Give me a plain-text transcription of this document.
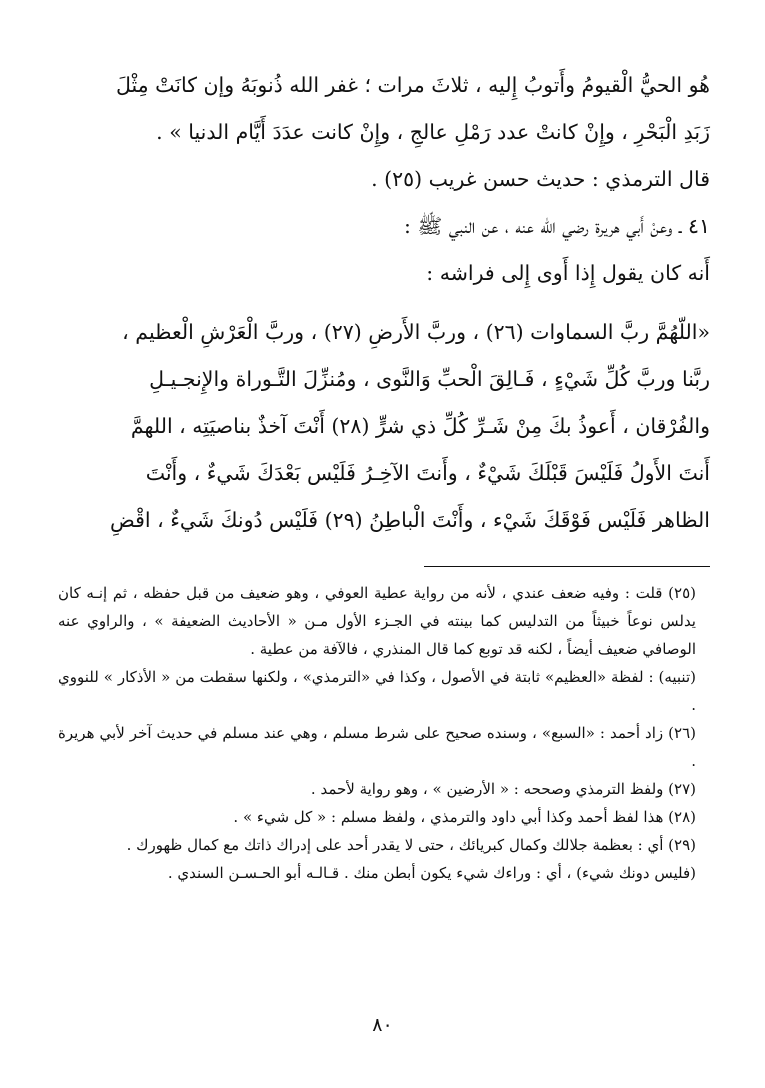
هُو الحيُّ الْقيومُ وأَتوبُ إِليه ، ثلاثَ مرات ؛ غفر الله ذُنوبَهُ وإن كانَتْ مِثْلَ

زَبَدِ الْبَحْرِ ، وإِنْ كانتْ عدد رَمْلِ عالجِ ، وإِنْ كانت عدَدَ أَيَّام الدنيا » .

قال الترمذي : حديث حسن غريب (٢٥) .

٤١ ـ وعنْ أَبي هريرة رضي الله عنه ، عن النبي ﷺ :

أَنه كان يقول إِذا أَوى إِلى فراشه :

«اللّهُمَّ ربَّ السماوات (٢٦) ، وربَّ الأَرضِ (٢٧) ، وربَّ الْعَرْشِ الْعظيم ،

ربَّنا وربَّ كُلِّ شَيْءٍ ، فَـالِقَ الْحبِّ وَالنَّوى ، ومُنزِّلَ التَّـوراة والإِنجـيـلِ

والفُرْقان ، أَعوذُ بكَ مِنْ شَـرِّ كُلِّ ذي شرٍّ (٢٨) أَنْتَ آخذٌ بناصيَتِه ، اللهمَّ

أَنتَ الأَولُ فَلَيْسَ قَبْلَكَ شَيْءٌ ، وأَنتَ الآخِـرُ فَلَيْس بَعْدَكَ شَيءٌ ، وأَنْتَ

الظاهر فَلَيْس فَوْقَكَ شَيْء ، وأَنْتَ الْباطِنُ (٢٩) فَلَيْس دُونكَ شَيءٌ ، اقْضِ

(٢٥) قلت : وفيه ضعف عندي ، لأنه من رواية عطية العوفي ، وهو ضعيف من قبل حفظه ، ثم إنـه كان يدلس نوعاً خبيثاً من التدليس كما بينته في الجـزء الأول مـن « الأحاديث الضعيفة » ، والراوي عنه الوصافي ضعيف أيضاً ، لكنه قد توبع كما قال المنذري ، فالآفة من عطية .

(تنبيه) : لفظة «العظيم» ثابتة في الأصول ، وكذا في «الترمذي» ، ولكنها سقطت من « الأذكار » للنووي .

(٢٦) زاد أحمد : «السبع» ، وسنده صحيح على شرط مسلم ، وهي عند مسلم في حديث آخر لأبي هريرة .

(٢٧) ولفظ الترمذي وصححه : « الأرضين » ، وهو رواية لأحمد .

(٢٨) هذا لفظ أحمد وكذا أبي داود والترمذي ، ولفظ مسلم : « كل شيء » .

(٢٩) أي : بعظمة جلالك وكمال كبريائك ، حتى لا يقدر أحد على إدراك ذاتك مع كمال ظهورك .

(فليس دونك شيء) ، أي : وراءك شيء يكون أبطن منك . قـالـه أبو الحـسـن السندي .

٨٠
